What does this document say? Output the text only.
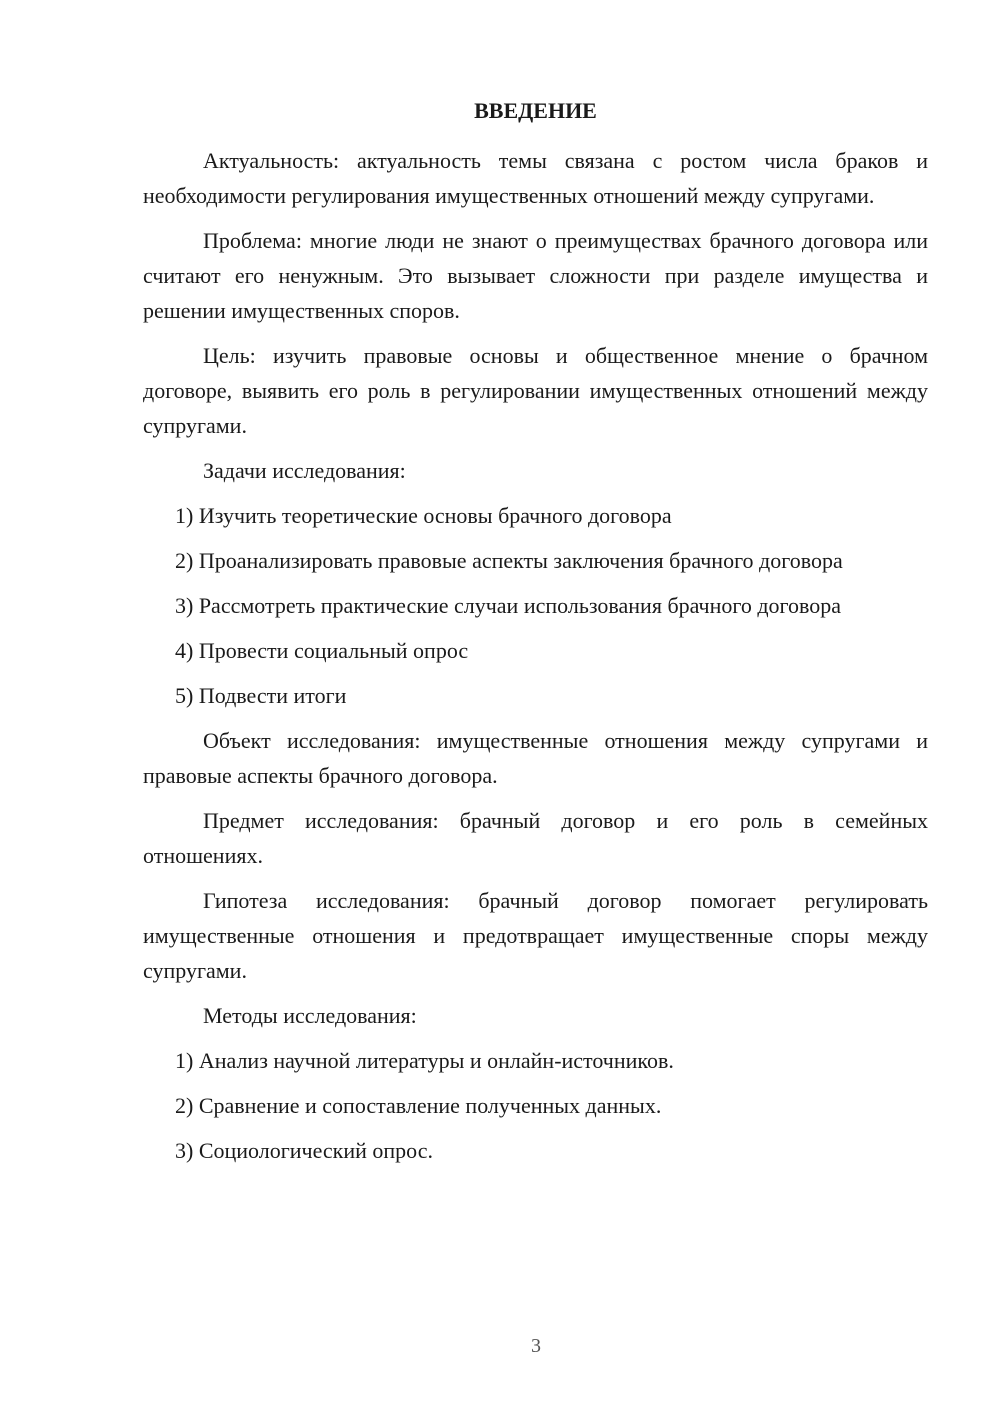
ВВЕДЕНИЕ

Актуальность: актуальность темы связана с ростом числа браков и необходимости регулирования имущественных отношений между супругами.

Проблема: многие люди не знают о преимуществах брачного договора или считают его ненужным. Это вызывает сложности при разделе имущества и решении имущественных споров.

Цель: изучить правовые основы и общественное мнение о брачном договоре, выявить его роль в регулировании имущественных отношений между супругами.

Задачи исследования:

1) Изучить теоретические основы брачного договора

2) Проанализировать правовые аспекты заключения брачного договора

3) Рассмотреть практические случаи использования брачного договора

4) Провести социальный опрос

5) Подвести итоги

Объект исследования: имущественные отношения между супругами и правовые аспекты брачного договора.

Предмет исследования: брачный договор и его роль в семейных отношениях.

Гипотеза исследования: брачный договор помогает регулировать имущественные отношения и предотвращает имущественные споры между супругами.

Методы исследования:

1) Анализ научной литературы и онлайн-источников.

2) Сравнение и сопоставление полученных данных.

3) Социологический опрос.

3
